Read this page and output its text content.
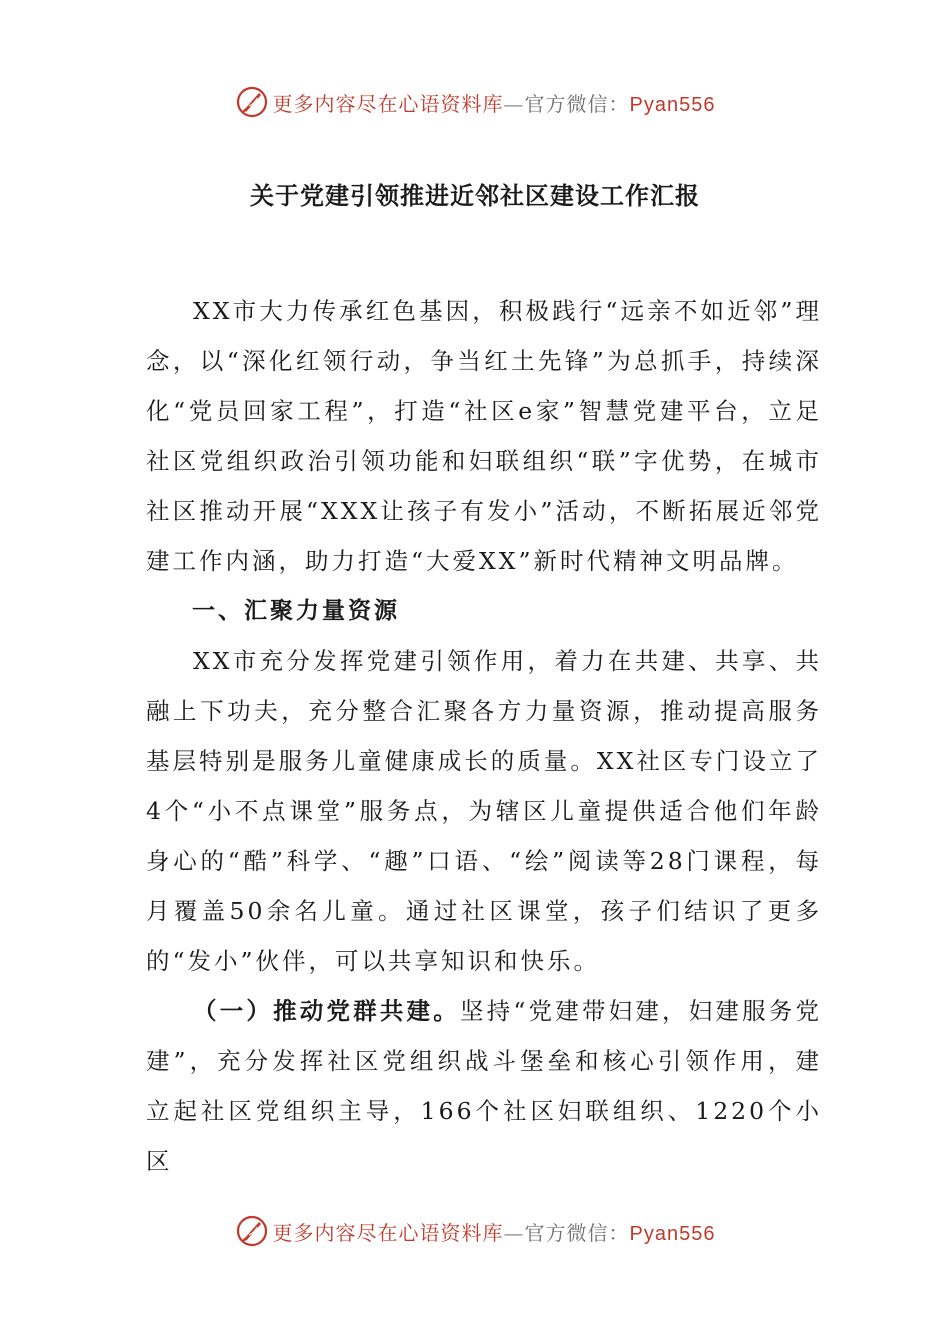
更多内容尽在心语资料库—官方微信：Pyan556
关于党建引领推进近邻社区建设工作汇报

XX市大力传承红色基因，积极践行“远亲不如近邻”理念，以“深化红领行动，争当红土先锋”为总抓手，持续深化“党员回家工程”，打造“社区e家”智慧党建平台，立足社区党组织政治引领功能和妇联组织“联”字优势，在城市社区推动开展“XXX让孩子有发小”活动，不断拓展近邻党建工作内涵，助力打造“大爱XX”新时代精神文明品牌。

一、汇聚力量资源

XX市充分发挥党建引领作用，着力在共建、共享、共融上下功夫，充分整合汇聚各方力量资源，推动提高服务基层特别是服务儿童健康成长的质量。XX社区专门设立了4个“小不点课堂”服务点，为辖区儿童提供适合他们年龄身心的“酷”科学、“趣”口语、“绘”阅读等28门课程，每月覆盖50余名儿童。通过社区课堂，孩子们结识了更多的“发小”伙伴，可以共享知识和快乐。

（一）推动党群共建。坚持“党建带妇建，妇建服务党建”，充分发挥社区党组织战斗堡垒和核心引领作用，建立起社区党组织主导，166个社区妇联组织、1220个小区

更多内容尽在心语资料库—官方微信：Pyan556
